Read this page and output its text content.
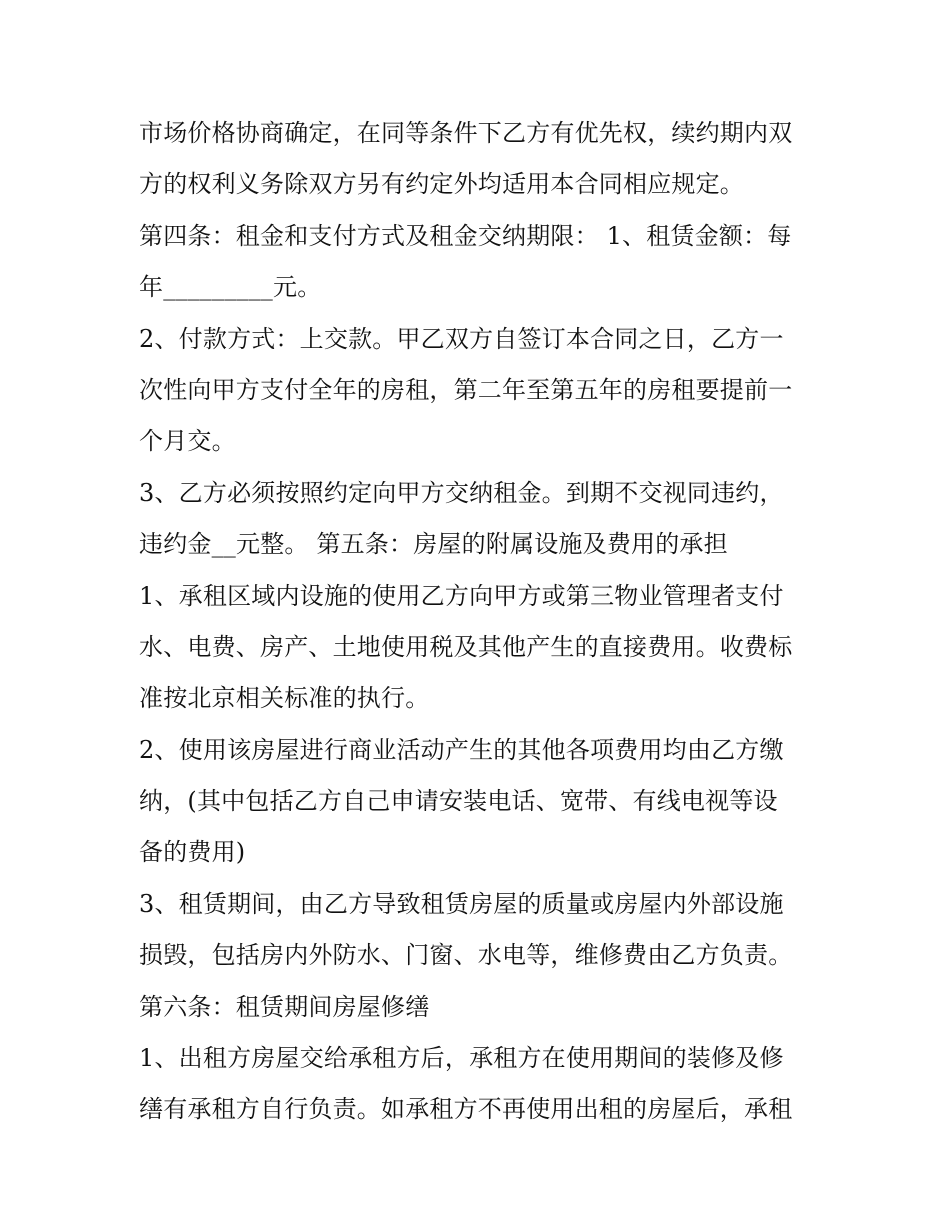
市场价格协商确定，在同等条件下乙方有优先权，续约期内双
方的权利义务除双方另有约定外均适用本合同相应规定。
第四条：租金和支付方式及租金交纳期限： 1、租赁金额：每
年_________元。
2、付款方式：上交款。甲乙双方自签订本合同之日，乙方一
次性向甲方支付全年的房租，第二年至第五年的房租要提前一
个月交。
3、乙方必须按照约定向甲方交纳租金。到期不交视同违约，
违约金__元整。 第五条：房屋的附属设施及费用的承担
1、承租区域内设施的使用乙方向甲方或第三物业管理者支付
水、电费、房产、土地使用税及其他产生的直接费用。收费标
准按北京相关标准的执行。
2、使用该房屋进行商业活动产生的其他各项费用均由乙方缴
纳，(其中包括乙方自己申请安装电话、宽带、有线电视等设
备的费用)
3、租赁期间，由乙方导致租赁房屋的质量或房屋内外部设施
损毁，包括房内外防水、门窗、水电等，维修费由乙方负责。
第六条：租赁期间房屋修缮
1、出租方房屋交给承租方后，承租方在使用期间的装修及修
缮有承租方自行负责。如承租方不再使用出租的房屋后，承租
